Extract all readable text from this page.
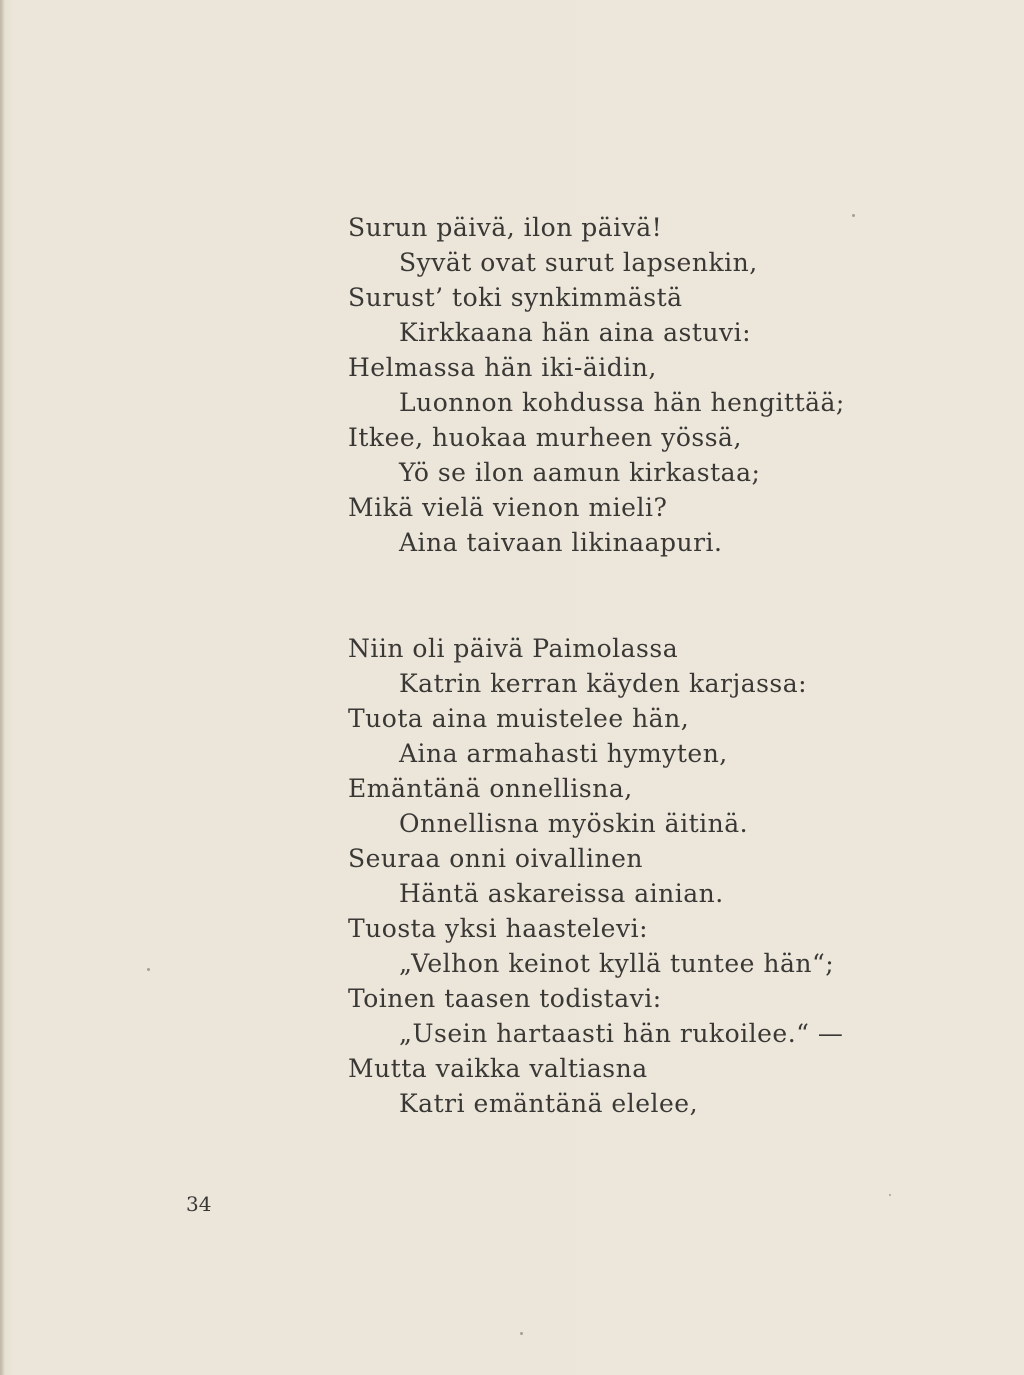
Surun päivä, ilon päivä!
Syvät ovat surut lapsenkin,
Surust’ toki synkimmästä
Kirkkaana hän aina astuvi:
Helmassa hän iki-äidin,
Luonnon kohdussa hän hengittää;
Itkee, huokaa murheen yössä,
Yö se ilon aamun kirkastaa;
Mikä vielä vienon mieli?
Aina taivaan likinaapuri.
Niin oli päivä Paimolassa
Katrin kerran käyden karjassa:
Tuota aina muistelee hän,
Aina armahasti hymyten,
Emäntänä onnellisna,
Onnellisna myöskin äitinä.
Seuraa onni oivallinen
Häntä askareissa ainian.
Tuosta yksi haastelevi:
„Velhon keinot kyllä tuntee hän“;
Toinen taasen todistavi:
„Usein hartaasti hän rukoilee.“ —
Mutta vaikka valtiasna
Katri emäntänä elelee,
34
